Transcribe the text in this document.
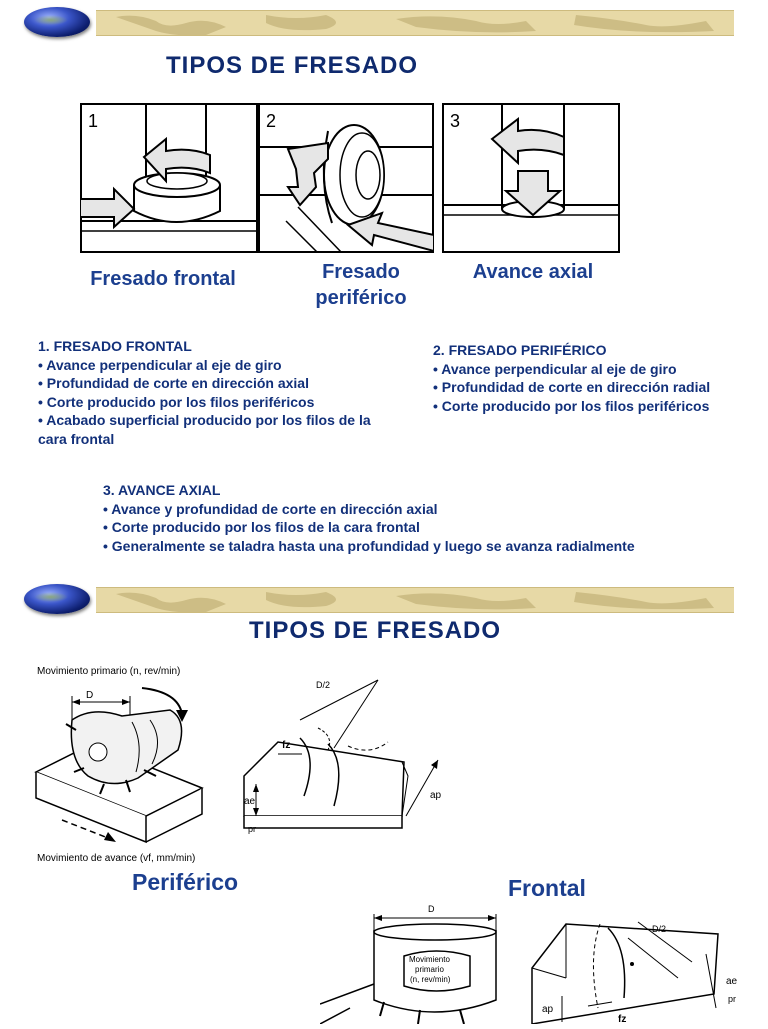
TIPOS DE FRESADO
1	2	3
Fresado frontal	Fresado
periférico
Avance axial
1. FRESADO FRONTAL
• Avance perpendicular al eje de giro
• Profundidad de corte en dirección axial
• Corte producido por los filos periféricos
• Acabado superficial producido por los filos de la cara frontal
2. FRESADO PERIFÉRICO
• Avance perpendicular al eje de giro
• Profundidad de corte en dirección radial
• Corte producido por los filos periféricos
3. AVANCE AXIAL
• Avance y profundidad de corte en dirección axial
• Corte producido por los filos de la cara frontal
• Generalmente se taladra hasta una profundidad y luego se avanza radialmente
TIPOS DE FRESADO
Movimiento primario (n, rev/min)
D
Movimiento de avance (vf, mm/min)
D/2
fz
ae
pr
ap
Periférico	Frontal
D
Movimiento
primario
(n, rev/min)
D/2
ae
pr
ap
fz
